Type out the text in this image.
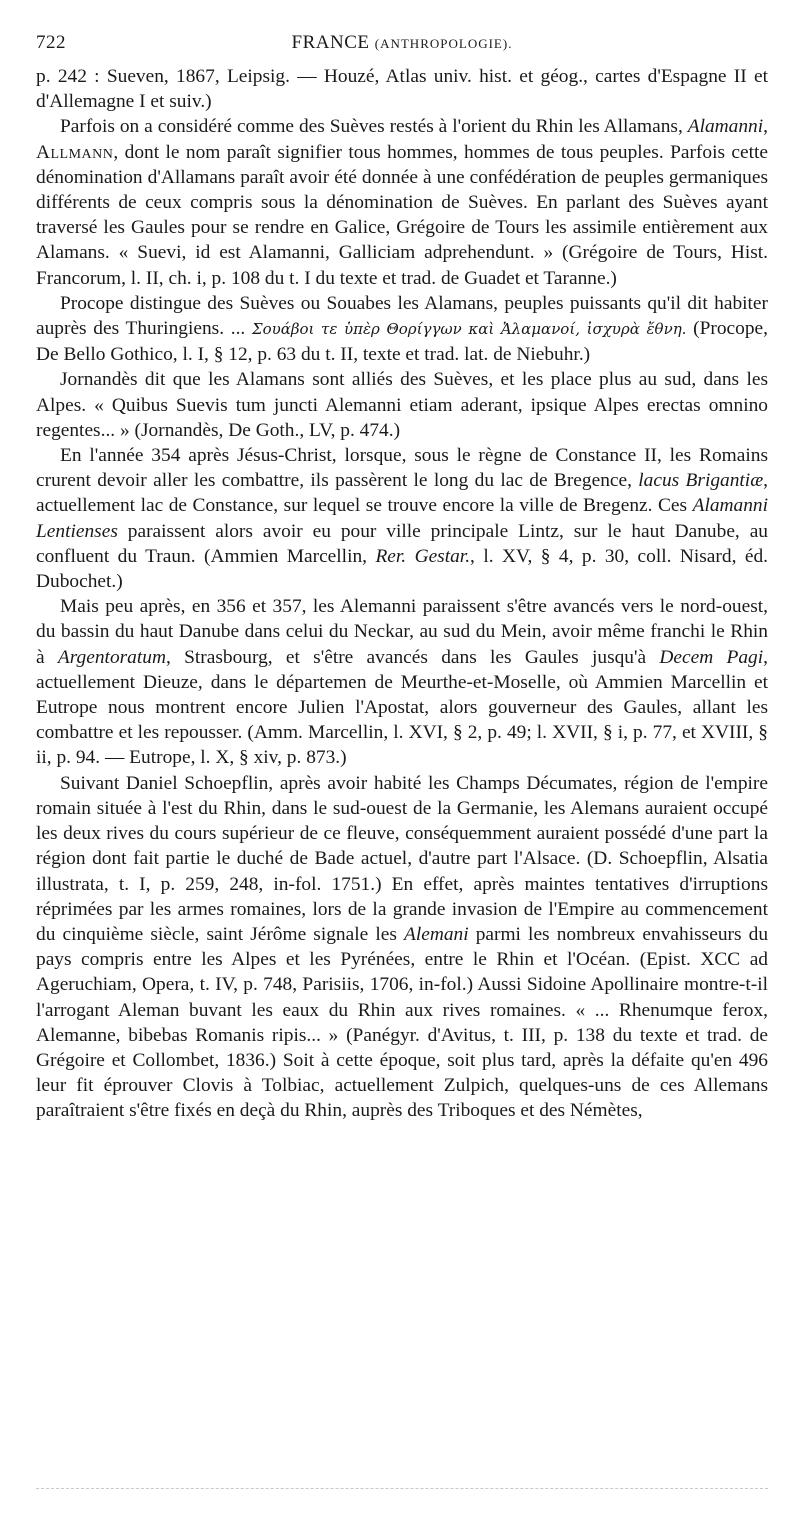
722	FRANCE (ANTHROPOLOGIE).

p. 242 : Sueven, 1867, Leipsig. — Houzé, Atlas univ. hist. et géog., cartes d'Espagne II et d'Allemagne I et suiv.)

Parfois on a considéré comme des Suèves restés à l'orient du Rhin les Allamans, Alamanni, Allmann, dont le nom paraît signifier tous hommes, hommes de tous peuples. Parfois cette dénomination d'Allamans paraît avoir été donnée à une confédération de peuples germaniques différents de ceux compris sous la dénomination de Suèves. En parlant des Suèves ayant traversé les Gaules pour se rendre en Galice, Grégoire de Tours les assimile entièrement aux Alamans. « Suevi, id est Alamanni, Galliciam adprehendunt. » (Grégoire de Tours, Hist. Francorum, l. II, ch. i, p. 108 du t. I du texte et trad. de Guadet et Taranne.)

Procope distingue des Suèves ou Souabes les Alamans, peuples puissants qu'il dit habiter auprès des Thuringiens. ... Σουάβοι τε ὑπὲρ Θορίγγων καὶ Ἀλαμανοί, ἰσχυρὰ ἔθνη. (Procope, De Bello Gothico, l. I, § 12, p. 63 du t. II, texte et trad. lat. de Niebuhr.)

Jornandès dit que les Alamans sont alliés des Suèves, et les place plus au sud, dans les Alpes. « Quibus Suevis tum juncti Alemanni etiam aderant, ipsique Alpes erectas omnino regentes... » (Jornandès, De Goth., LV, p. 474.)

En l'année 354 après Jésus-Christ, lorsque, sous le règne de Constance II, les Romains crurent devoir aller les combattre, ils passèrent le long du lac de Bregence, lacus Brigantiæ, actuellement lac de Constance, sur lequel se trouve encore la ville de Bregenz. Ces Alamanni Lentienses paraissent alors avoir eu pour ville principale Lintz, sur le haut Danube, au confluent du Traun. (Ammien Marcellin, Rer. Gestar., l. XV, § 4, p. 30, coll. Nisard, éd. Dubochet.)

Mais peu après, en 356 et 357, les Alemanni paraissent s'être avancés vers le nord-ouest, du bassin du haut Danube dans celui du Neckar, au sud du Mein, avoir même franchi le Rhin à Argentoratum, Strasbourg, et s'être avancés dans les Gaules jusqu'à Decem Pagi, actuellement Dieuze, dans le départemen de Meurthe-et-Moselle, où Ammien Marcellin et Eutrope nous montrent encore Julien l'Apostat, alors gouverneur des Gaules, allant les combattre et les repousser. (Amm. Marcellin, l. XVI, § 2, p. 49; l. XVII, § i, p. 77, et XVIII, § ii, p. 94. — Eutrope, l. X, § xiv, p. 873.)

Suivant Daniel Schoepflin, après avoir habité les Champs Décumates, région de l'empire romain située à l'est du Rhin, dans le sud-ouest de la Germanie, les Alemans auraient occupé les deux rives du cours supérieur de ce fleuve, conséquemment auraient possédé d'une part la région dont fait partie le duché de Bade actuel, d'autre part l'Alsace. (D. Schoepflin, Alsatia illustrata, t. I, p. 259, 248, in-fol. 1751.) En effet, après maintes tentatives d'irruptions réprimées par les armes romaines, lors de la grande invasion de l'Empire au commencement du cinquième siècle, saint Jérôme signale les Alemani parmi les nombreux envahisseurs du pays compris entre les Alpes et les Pyrénées, entre le Rhin et l'Océan. (Epist. XCC ad Ageruchiam, Opera, t. IV, p. 748, Parisiis, 1706, in-fol.) Aussi Sidoine Apollinaire montre-t-il l'arrogant Aleman buvant les eaux du Rhin aux rives romaines. « ... Rhenumque ferox, Alemanne, bibebas Romanis ripis... » (Panégyr. d'Avitus, t. III, p. 138 du texte et trad. de Grégoire et Collombet, 1836.) Soit à cette époque, soit plus tard, après la défaite qu'en 496 leur fit éprouver Clovis à Tolbiac, actuellement Zulpich, quelques-uns de ces Allemans paraîtraient s'être fixés en deçà du Rhin, auprès des Triboques et des Némètes,
